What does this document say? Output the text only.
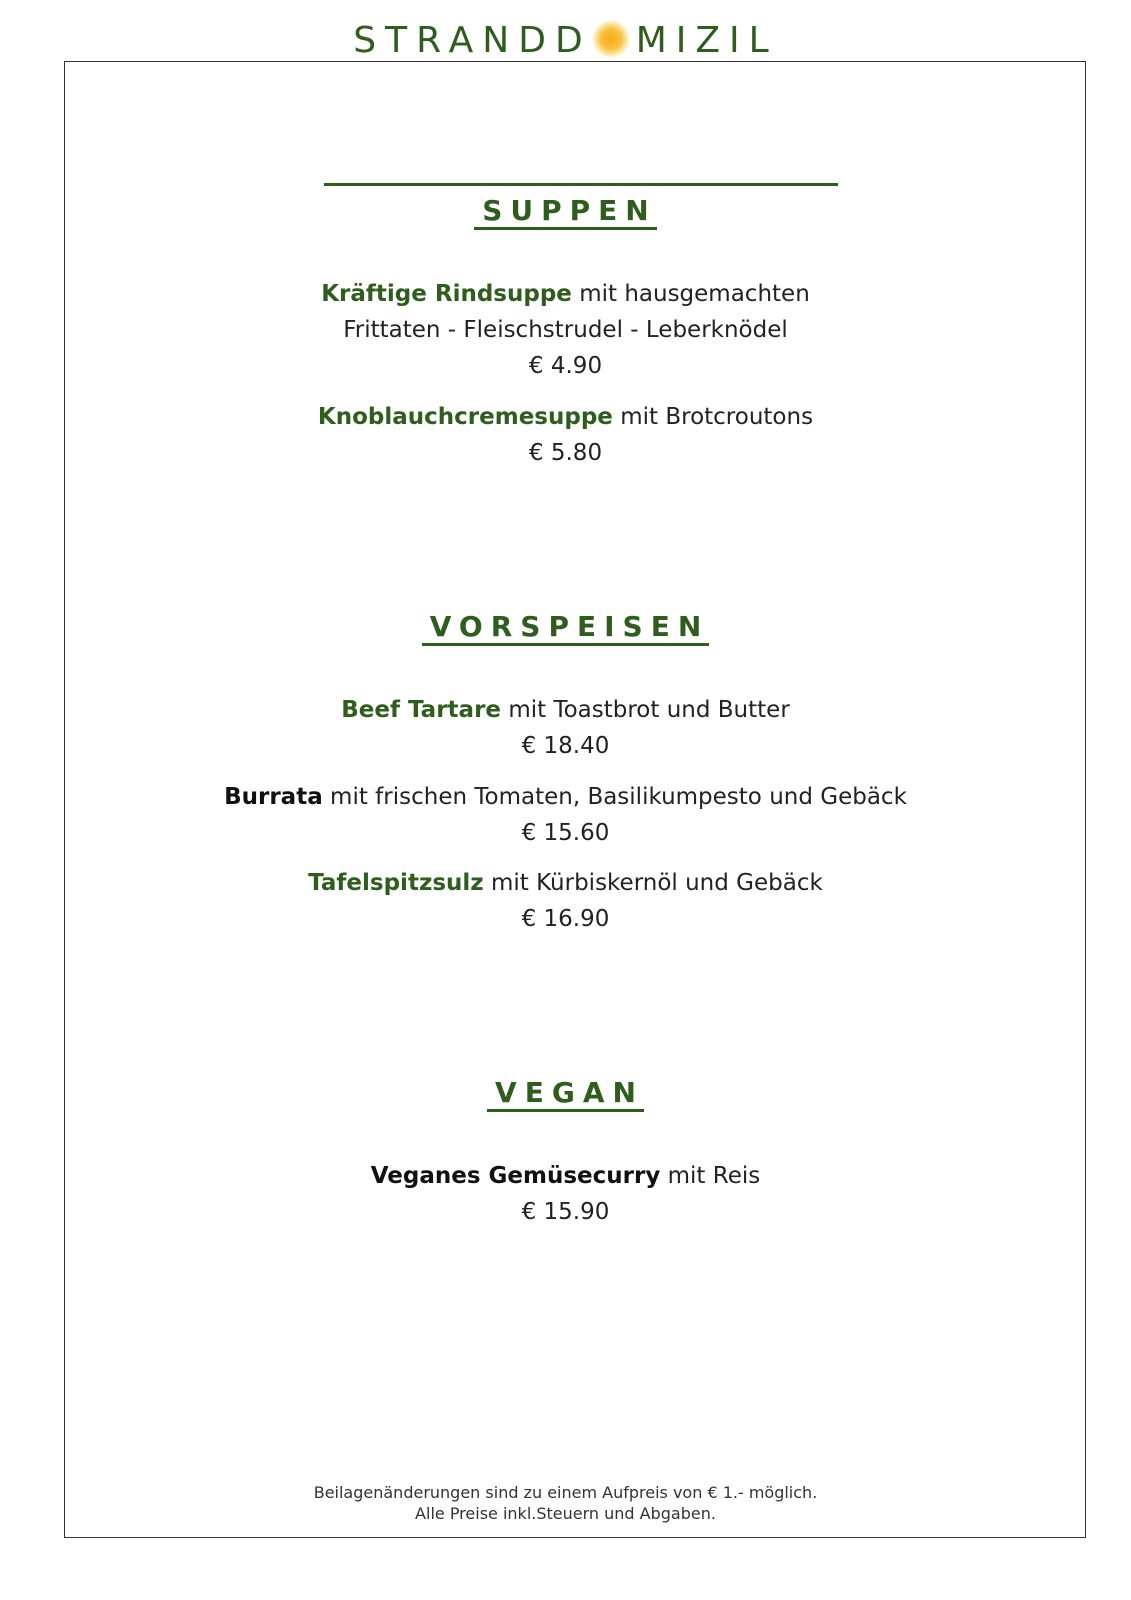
STRANDD MIZIL
SUPPEN
Kräftige Rindsuppe mit hausgemachten
Frittaten - Fleischstrudel - Leberknödel
€ 4.90
Knoblauchcremesuppe mit Brotcroutons
€ 5.80
VORSPEISEN
Beef Tartare mit Toastbrot und Butter
€ 18.40
Burrata mit frischen Tomaten, Basilikumpesto und Gebäck
€ 15.60
Tafelspitzsulz mit Kürbiskernöl und Gebäck
€ 16.90
VEGAN
Veganes Gemüsecurry mit Reis
€ 15.90
Beilagenänderungen sind zu einem Aufpreis von € 1.- möglich.
Alle Preise inkl.Steuern und Abgaben.
